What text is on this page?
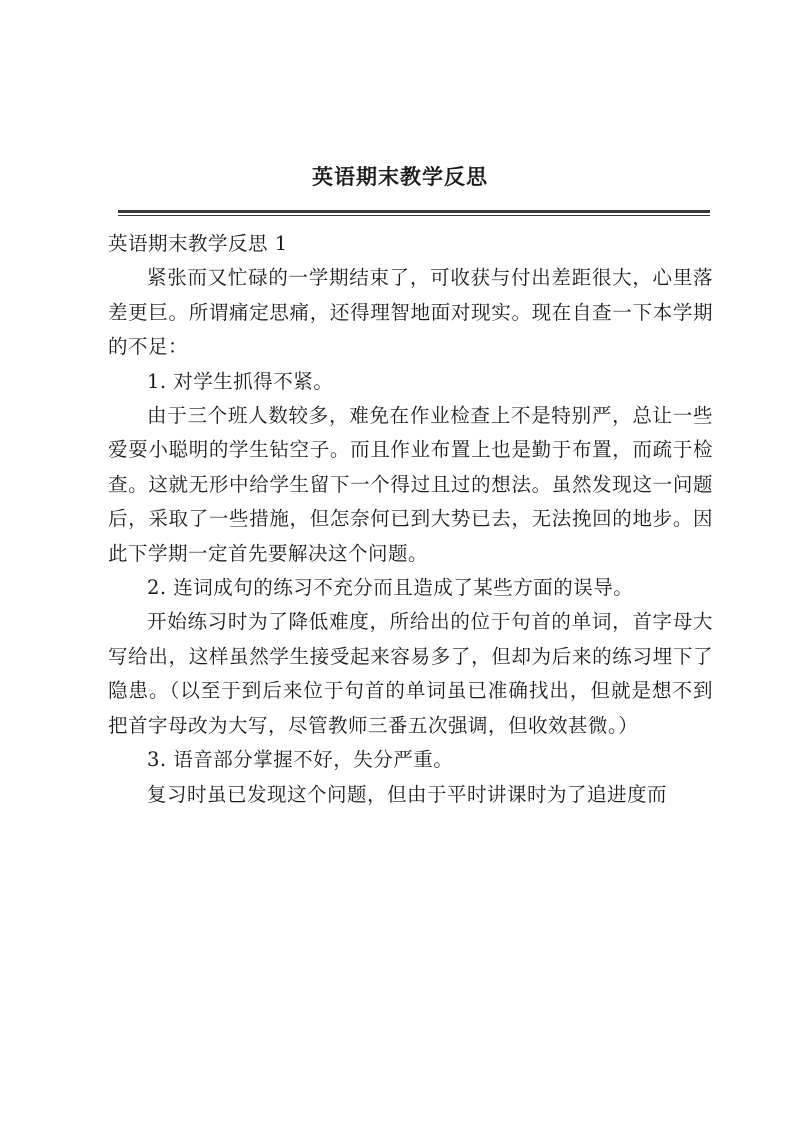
英语期末教学反思

英语期末教学反思 1

紧张而又忙碌的一学期结束了，可收获与付出差距很大，心里落差更巨。所谓痛定思痛，还得理智地面对现实。现在自查一下本学期的不足：

1. 对学生抓得不紧。

由于三个班人数较多，难免在作业检查上不是特别严，总让一些爱耍小聪明的学生钻空子。而且作业布置上也是勤于布置，而疏于检查。这就无形中给学生留下一个得过且过的想法。虽然发现这一问题后，采取了一些措施，但怎奈何已到大势已去，无法挽回的地步。因此下学期一定首先要解决这个问题。

2. 连词成句的练习不充分而且造成了某些方面的误导。

开始练习时为了降低难度，所给出的位于句首的单词，首字母大写给出，这样虽然学生接受起来容易多了，但却为后来的练习埋下了隐患。（以至于到后来位于句首的单词虽已准确找出，但就是想不到把首字母改为大写，尽管教师三番五次强调，但收效甚微。）

3. 语音部分掌握不好，失分严重。

复习时虽已发现这个问题，但由于平时讲课时为了追进度而
